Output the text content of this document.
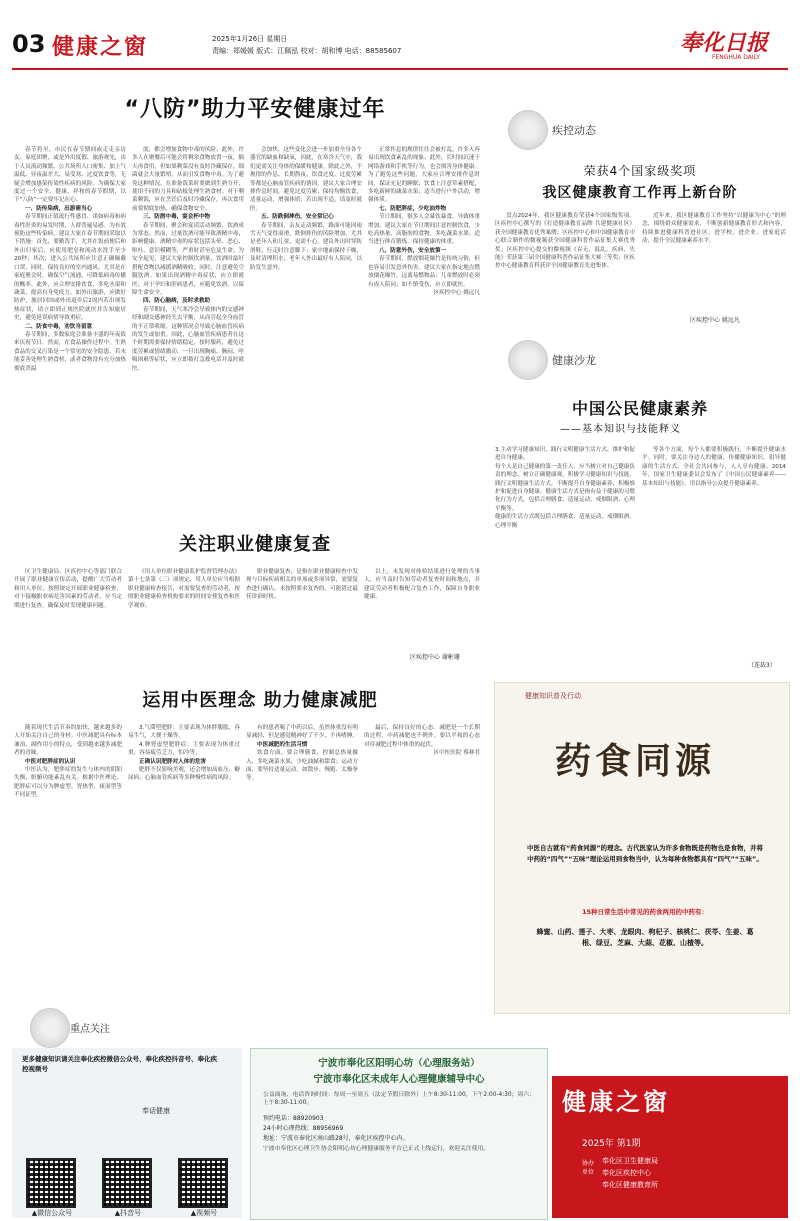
03 健康之窗	2025年1月26日 星期日
责编：郑媛媛 版式：江佩泓 校对：胡和博 电话：88585607	奉化日报
FENGHUA DAILY
“八防”助力平安健康过年

春节将至，市民在春节期间或走走亲访友、家庭团聚，或是外出度假、旅游观光，由于人员流动频繁、公共场所人口密集、加上气温低、昼夜温差大、易受寒、过度饮食等，无疑会增加感染传染性疾病的风险。为确保大家度过一个安全、健康、祥和的春节假期，以下“八防”一定要牢记在心。

一、防传染病，出游需当心

春节期间正值流行性感冒、诺如病毒和病毒性肝炎的易发时期，人群普遍易感。为有效预防这些传染病，建议大家在春节期间采取以下措施：首先，要勤洗手，尤其在饭前便后和外出归家后，应使用肥皂和流动水洗手至少20秒；其次，进入公共场所应注意正确佩戴口罩，同时，保持良好的室内通风，尤其是在家庭聚会时，确保空气流通，可降低病毒传播的概率。此外，应合理安排饮食，多吃水果和蔬菜，提高自身免疫力。如外出旅游，应做好防护，旅居回国或外出返乡后2周内若出现发热症状，请立即到正规医院就医并告知旅居史，避免延误病情导致重症。

二、防食中毒，劝饮当留意

春节期间，多数家庭会准备丰盛的年夜饭来庆祝节日。然而，在食品操作过程中，生熟食品的交叉污染是一个常见的安全隐患。若未能妥善处理生熟食材，或者食物没有充分加热彻底杀温

度，都会增加食物中毒的风险。此外，许多人在聚餐后可能会将剩余食物放置一夜，隔天再食用，但如果剩菜没有及时冷藏保存，细菌就会大量繁殖，从而引发食物中毒。为了避免这种情况，在准备饭菜时要做到生熟分开，使用不同的刀具和砧板处理生熟食材；对于剩菜剩饭，应在烹饪后及时冷藏保存，再次食用前要彻底加热，确保食物安全。

三、防酒中毒，宴会杯中物

春节期间，聚会和宴请活动频繁，饮酒成为常态。然而，过量饮酒可能导致酒精中毒，影响健康。酒精中毒的症状包括头晕、恶心、呕吐、意识模糊等，严重时甚至危及生命。为安全起见，建议大家控制饮酒量，饮酒时最好搭配食物以减缓酒精吸收；同时，注意避免空腹饮酒。如果出现酒精中毒症状，应立即就医；对于孕妇和肝病患者，应避免饮酒，以保障生命安全。

四、防心脑病，及时求救助

春节期间，天气寒冷会导致体内的交感神经和副交感神经失去平衡，从而引起全身血管的不正常收缩，这种情况会导致心脑血管疾病的发生或加重。因此，心脑血管疾病患者在这个时期需要保持情绪稳定，按时服药，避免过度劳累或情绪激动。一旦出现胸痛、胸闷、呼吸困难等症状，应立即拨打急救电话并及时就医。

会加快。这些变化会进一步加重全身各个器官的缺血和缺氧，因此，在寒冷天气中，我们更需关注身体的保暖和健康。除此之外，不规律的作息、长期熬夜、饮食过度、过度劳累等都是心脑血管疾病的诱因，建议大家合理安排作息时间，避免过度劳累；保持均衡饮食，适量运动，增强体质；若出现不适，请及时就医。

五、防跌倒摔伤，安全常记心

春节期间，亲友走动频繁，路面可能因雨雪天气变得湿滑，跌倒摔伤的风险增加。尤其是老年人和儿童，更需小心。建议外出时穿防滑鞋，行走时注意脚下；家中地面保持干燥，及时清理积水；老年人外出最好有人陪同，以防发生意外。

正常作息的规律往往会被打乱，许多人容易出现饮食紊乱的现象。此外，长时间沉迷于网络游戏和手机等行为，也会损害身体健康。为了避免这些问题，大家应合理安排作息时间，保证充足的睡眠；饮食上注意荤素搭配，多吃新鲜的蔬菜水果；适当进行户外活动，增强体质。

七、防肥胖症，少吃油炸物

节日期间，很多人会暴饮暴食，导致体重增加。建议大家在节日期间注意控制饮食，少吃高热量、高脂肪的食物，多吃蔬菜水果；适当进行体育锻炼，保持健康的体重。

八、防意外伤，安全放第一

春节期间，燃放烟花爆竹是传统习俗，但也容易引发意外伤害。建议大家在指定地点燃放烟花爆竹，远离易燃物品；儿童燃放时必须有成人陪同；如不慎受伤，应立即就医。

区疾控中心 姚远凡

疾控动态
荣获4个国家级奖项
我区健康教育工作再上新台阶
盘点2024年，我区健康教育荣获4个国家级奖项。区疾控中心撰写的《打造健康教育品牌 共建健康社区》获全国健康教育优秀案例；区疾控中心和中国健康教育中心联合制作的微视频获全国健康科普作品征集大赛优秀奖；区疾控中心提交的微视频《吞无，混乱、疾病、失能》荣获第三届全国健康科普作品征集大赛三等奖；区疾控中心健康教育科获评全国健康教育先进集体。
近年来，我区健康教育工作坚持“以健康为中心”的理念，围绕群众健康需求，不断创新健康教育形式和内容，持续推进健康科普进社区、进学校、进企业、进家庭活动，提升全民健康素养水平。
区疾控中心 姚远凡
健康沙龙
中国公民健康素养
——基本知识与技能释义
3.主动学习健康知识，践行文明健康生活方式，维护和促进自身健康。
每个人是自己健康的第一责任人，应当树立对自己健康负责的理念，树立正确健康观，积极学习健康知识与技能，践行文明健康生活方式，不断提升自身健康素养，积极维护和促进自身健康。健康生活方式是指有益于健康的习惯化行为方式，包括合理膳食、适量运动、戒烟限酒、心理平衡等。
健康的生活方式既包括合理膳食、适量运动、戒烟限酒、心理平衡
等各个方面，每个人都要积极践行，不断提升健康水平。同时，要关注身边人的健康，传播健康知识。倡导健康的生活方式，全社会共同参与，人人享有健康。2014年，国家卫生健康委员会发布了《中国公民健康素养——基本知识与技能》，用以指导公众提升健康素养。
（连载3）
关注职业健康复查
区卫生健康局、区疾控中心等部门联合开展了职业健康宣传活动，提醒广大劳动者和用人单位，按照规定开展职业健康检查，对于接触职业病危害因素的劳动者，应当定期进行复查，确保及时发现健康问题。
《用人单位职业健康监护监督管理办法》第十七条第（三）项规定，用人单位应当根据职业健康检查报告，对需要复查的劳动者，按照职业健康检查机构要求的时间安排复查和医学观察。
职业健康复查，是指在职业健康检查中发现与目标疾病相关的单项或多项异常，需要复查进行确认。未按照要求复查的，可能错过最佳诊治时机。
以上，未发现对体检结果进行处理的当事人，应当及时告知劳动者复查时间和地点，并建议劳动者积极配合复查工作，保障自身职业健康。
区疾控中心 谢彬珊
运用中医理念 助力健康减肥

随着现代生活节奏的加快，越来越多的人开始关注自己的身材。中医减肥具有标本兼治、副作用小的特点，受到越来越多减肥者的青睐。

中医对肥胖症的认识

中医认为，肥胖症的发生与体内的阴阳失衡、脏腑功能紊乱有关。根据中医理论，肥胖症可以分为脾虚型、胃热型、痰湿型等不同证型。

3.气滞型肥胖：主要表现为体胖腹胀，容易生气，大便干燥等。

4.脾肾虚型肥胖症：主要表现为体重过重，容易疲劳乏力，怕冷等。

正确认识肥胖对人体的危害

肥胖不仅影响美观，还会增加高血压、糖尿病、心脑血管疾病等多种慢性病的风险。

有的患者喝了中药以后，虽然体重没有明显减轻，但是感觉精神好了不少，不再嗜睡。

中医减肥的生活习惯

饮食方面，要合理膳食，控制总热量摄入，多吃蔬菜水果，少吃油腻和甜食；运动方面，要坚持适量运动，如散步、慢跑、太极拳等。

最后，保持良好的心态。减肥是一个长期的过程，中药减肥也不例外。要以平和的心态对待减肥过程中体重的起伏。

区中医医院 蔡赛君

重点关注
更多健康知识请关注奉化疾控微信公众号、奉化疾控抖音号、奉化疾控视频号
奉话健康
▲微信公众号	▲抖音号	▲视频号
健康知识普及行动
药食同源
中医自古就有“药食同源”的理念。古代医家认为许多食物既是药物也是食物，并将中药的“四气”“五味”理论运用到食物当中，认为每种食物都具有“四气”“五味”。
15种日常生活中常见的药食两用的中药有：
蜂蜜、山药、莲子、大枣、龙眼肉、枸杞子、核桃仁、茯苓、生姜、葛根、绿豆、芝麻、大蒜、花椒、山楂等。
宁波市奉化区阳明心坊（心理服务站）
宁波市奉化区未成年人心理健康辅导中心
公益面询、电话咨询时间：每周一至周五（法定节假日除外）上午8:30-11:00，下午2:00-4:30；周六：上午8:30-11:00。
预约电话：88920903
24小时心理热线：88956969
地址：宁波市奉化区南山路28号，奉化区疾控中心内。
宁波市奉化区心理卫生协会阳明心坊心理健康服务平台已正式上线运行，欢迎关注使用。
健康之窗
2025年 第1期
协办单位
奉化区卫生健康局
奉化区疾控中心
奉化区健康教育所
